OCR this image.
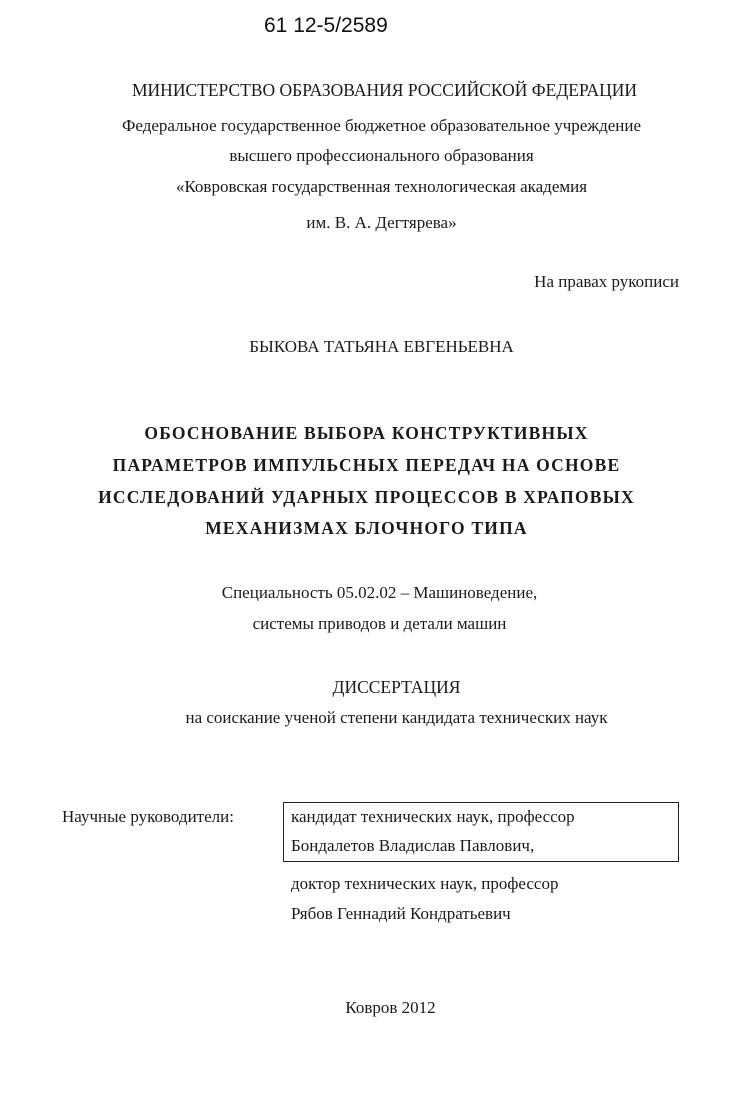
61 12-5/2589
МИНИСТЕРСТВО ОБРАЗОВАНИЯ РОССИЙСКОЙ ФЕДЕРАЦИИ
Федеральное государственное бюджетное образовательное учреждение
высшего профессионального образования
«Ковровская государственная технологическая академия
им. В. А. Дегтярева»
На правах рукописи
БЫКОВА ТАТЬЯНА ЕВГЕНЬЕВНА
ОБОСНОВАНИЕ ВЫБОРА КОНСТРУКТИВНЫХ
ПАРАМЕТРОВ ИМПУЛЬСНЫХ ПЕРЕДАЧ НА ОСНОВЕ
ИССЛЕДОВАНИЙ УДАРНЫХ ПРОЦЕССОВ В ХРАПОВЫХ
МЕХАНИЗМАХ БЛОЧНОГО ТИПА
Специальность 05.02.02 – Машиноведение,
системы приводов и детали машин
ДИССЕРТАЦИЯ
на соискание ученой степени кандидата технических наук
Научные руководители:	кандидат технических наук, профессор
Бондалетов Владислав Павлович,
доктор технических наук, профессор
Рябов Геннадий Кондратьевич
Ковров 2012
